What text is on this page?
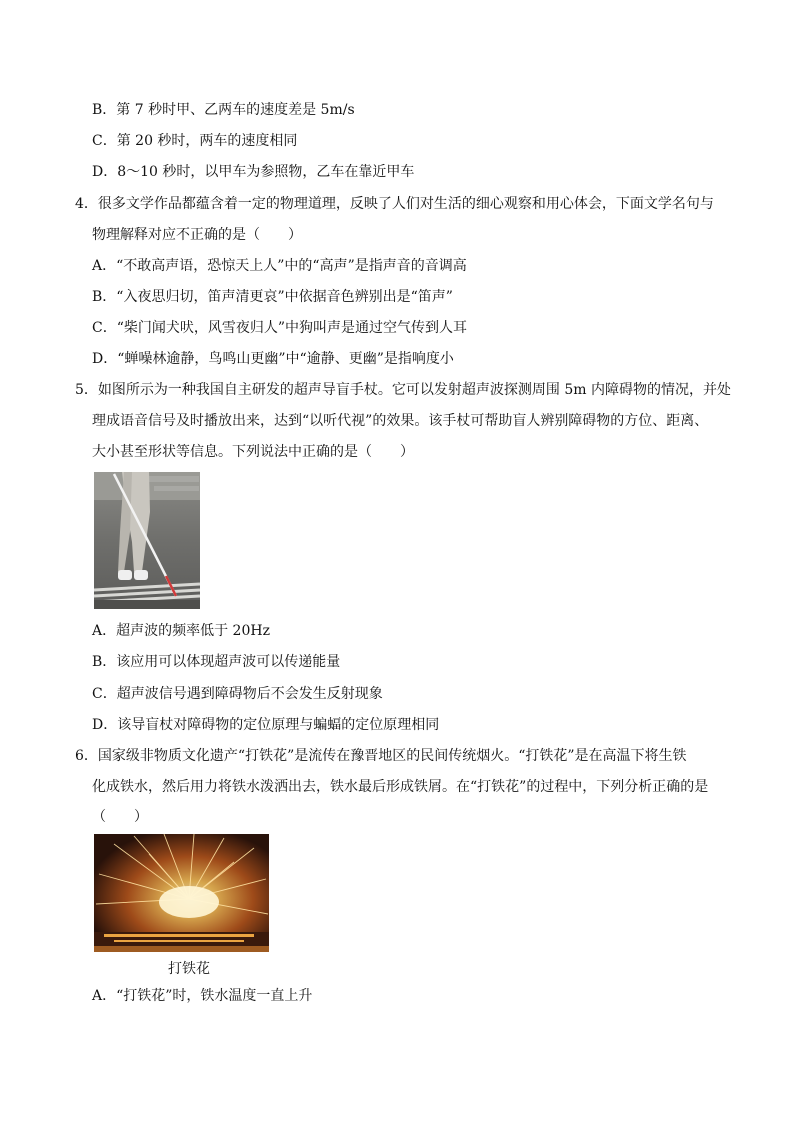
B．第 7 秒时甲、乙两车的速度差是 5m/s
C．第 20 秒时，两车的速度相同
D．8～10 秒时，以甲车为参照物，乙车在靠近甲车
4．很多文学作品都蕴含着一定的物理道理，反映了人们对生活的细心观察和用心体会，下面文学名句与
物理解释对应不正确的是（　　）
A．“不敢高声语，恐惊天上人”中的“高声”是指声音的音调高
B．“入夜思归切，笛声清更哀”中依据音色辨别出是“笛声”
C．“柴门闻犬吠，风雪夜归人”中狗叫声是通过空气传到人耳
D．“蝉噪林逾静，鸟鸣山更幽”中“逾静、更幽”是指响度小
5．如图所示为一种我国自主研发的超声导盲手杖。它可以发射超声波探测周围 5m 内障碍物的情况，并处
理成语音信号及时播放出来，达到“以听代视”的效果。该手杖可帮助盲人辨别障碍物的方位、距离、
大小甚至形状等信息。下列说法中正确的是（　　）
A．超声波的频率低于 20Hz
B．该应用可以体现超声波可以传递能量
C．超声波信号遇到障碍物后不会发生反射现象
D．该导盲杖对障碍物的定位原理与蝙蝠的定位原理相同
6．国家级非物质文化遗产“打铁花”是流传在豫晋地区的民间传统烟火。“打铁花”是在高温下将生铁
化成铁水，然后用力将铁水泼洒出去，铁水最后形成铁屑。在“打铁花”的过程中，下列分析正确的是
（　　）
打铁花
A．“打铁花”时，铁水温度一直上升
